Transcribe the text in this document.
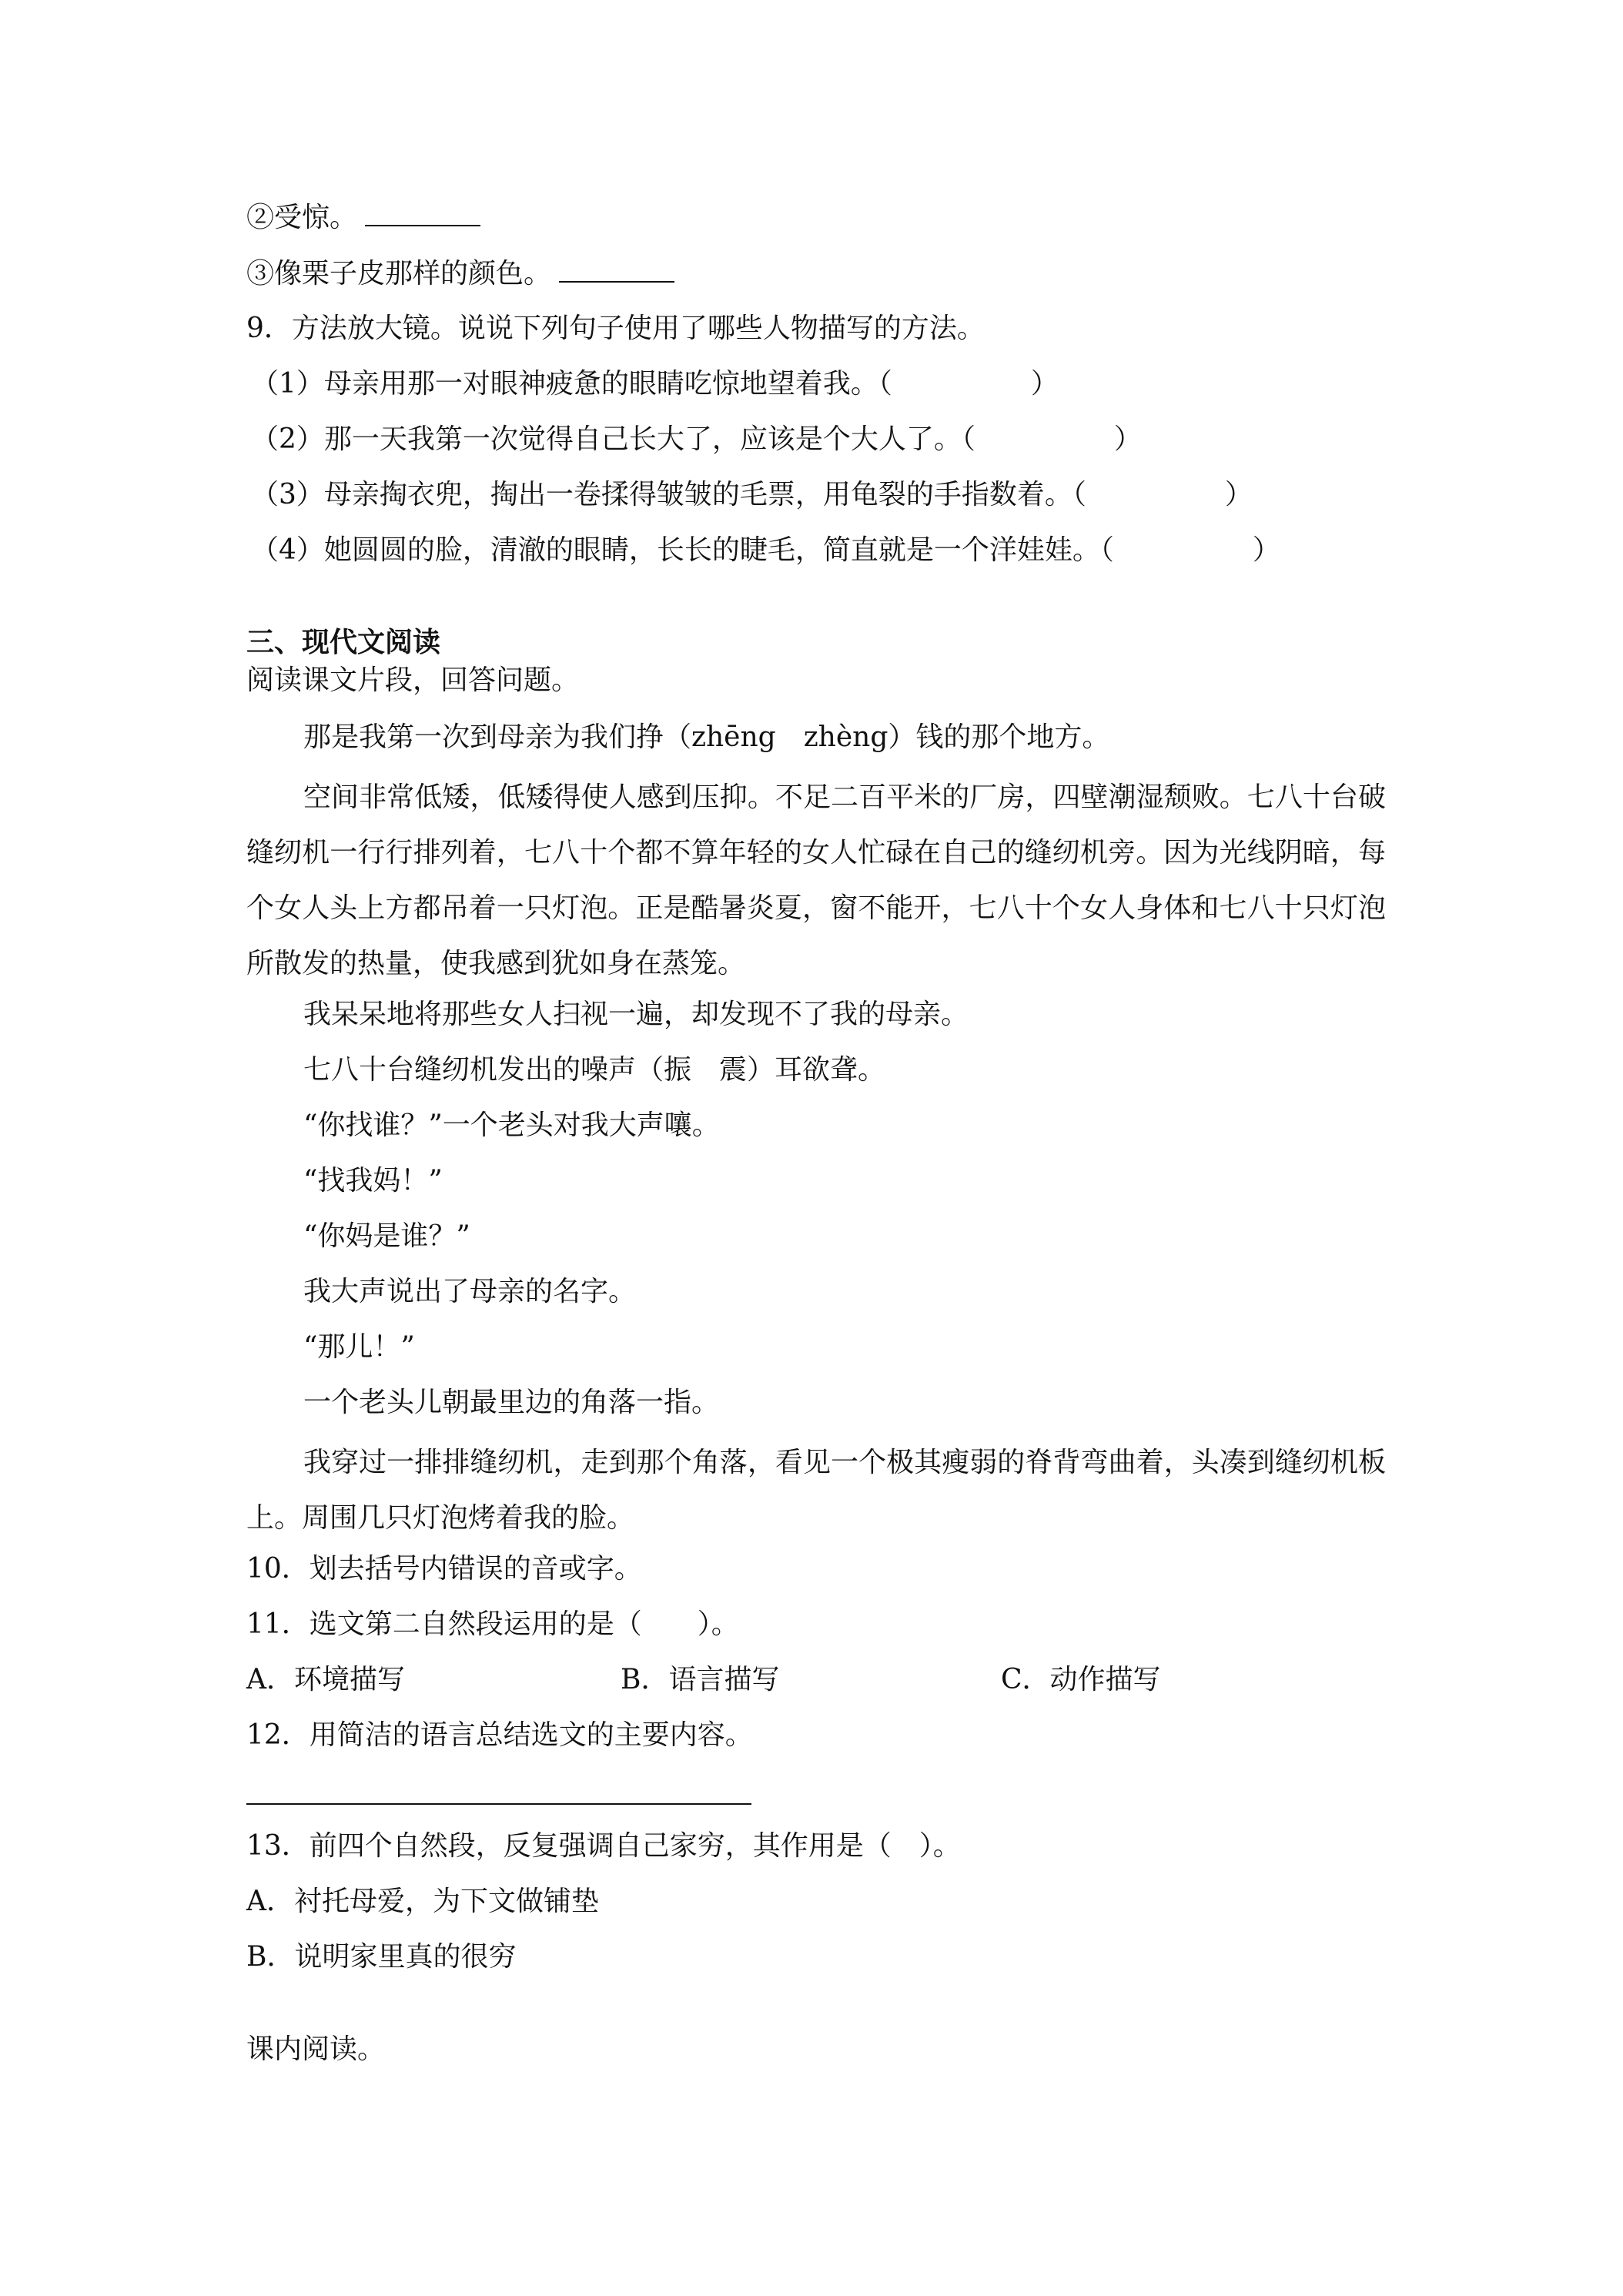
②受惊。
③像栗子皮那样的颜色。
9．方法放大镜。说说下列句子使用了哪些人物描写的方法。
（1）母亲用那一对眼神疲惫的眼睛吃惊地望着我。（	）
（2）那一天我第一次觉得自己长大了，应该是个大人了。（	）
（3）母亲掏衣兜，掏出一卷揉得皱皱的毛票，用龟裂的手指数着。（	）
（4）她圆圆的脸，清澈的眼睛，长长的睫毛，简直就是一个洋娃娃。（	）
三、现代文阅读
阅读课文片段，回答问题。
那是我第一次到母亲为我们挣（zhēng　zhèng）钱的那个地方。
空间非常低矮，低矮得使人感到压抑。不足二百平米的厂房，四壁潮湿颓败。七八十台破缝纫机一行行排列着，七八十个都不算年轻的女人忙碌在自己的缝纫机旁。因为光线阴暗，每个女人头上方都吊着一只灯泡。正是酷暑炎夏，窗不能开，七八十个女人身体和七八十只灯泡所散发的热量，使我感到犹如身在蒸笼。
我呆呆地将那些女人扫视一遍，却发现不了我的母亲。
七八十台缝纫机发出的噪声（振　震）耳欲聋。
“你找谁？”一个老头对我大声嚷。
“找我妈！”
“你妈是谁？”
我大声说出了母亲的名字。
“那儿！”
一个老头儿朝最里边的角落一指。
我穿过一排排缝纫机，走到那个角落，看见一个极其瘦弱的脊背弯曲着，头凑到缝纫机板上。周围几只灯泡烤着我的脸。
10．划去括号内错误的音或字。
11．选文第二自然段运用的是（　　）。
A．环境描写	B．语言描写	C．动作描写
12．用简洁的语言总结选文的主要内容。
13．前四个自然段，反复强调自己家穷，其作用是（　）。
A．衬托母爱，为下文做铺垫
B．说明家里真的很穷
课内阅读。
